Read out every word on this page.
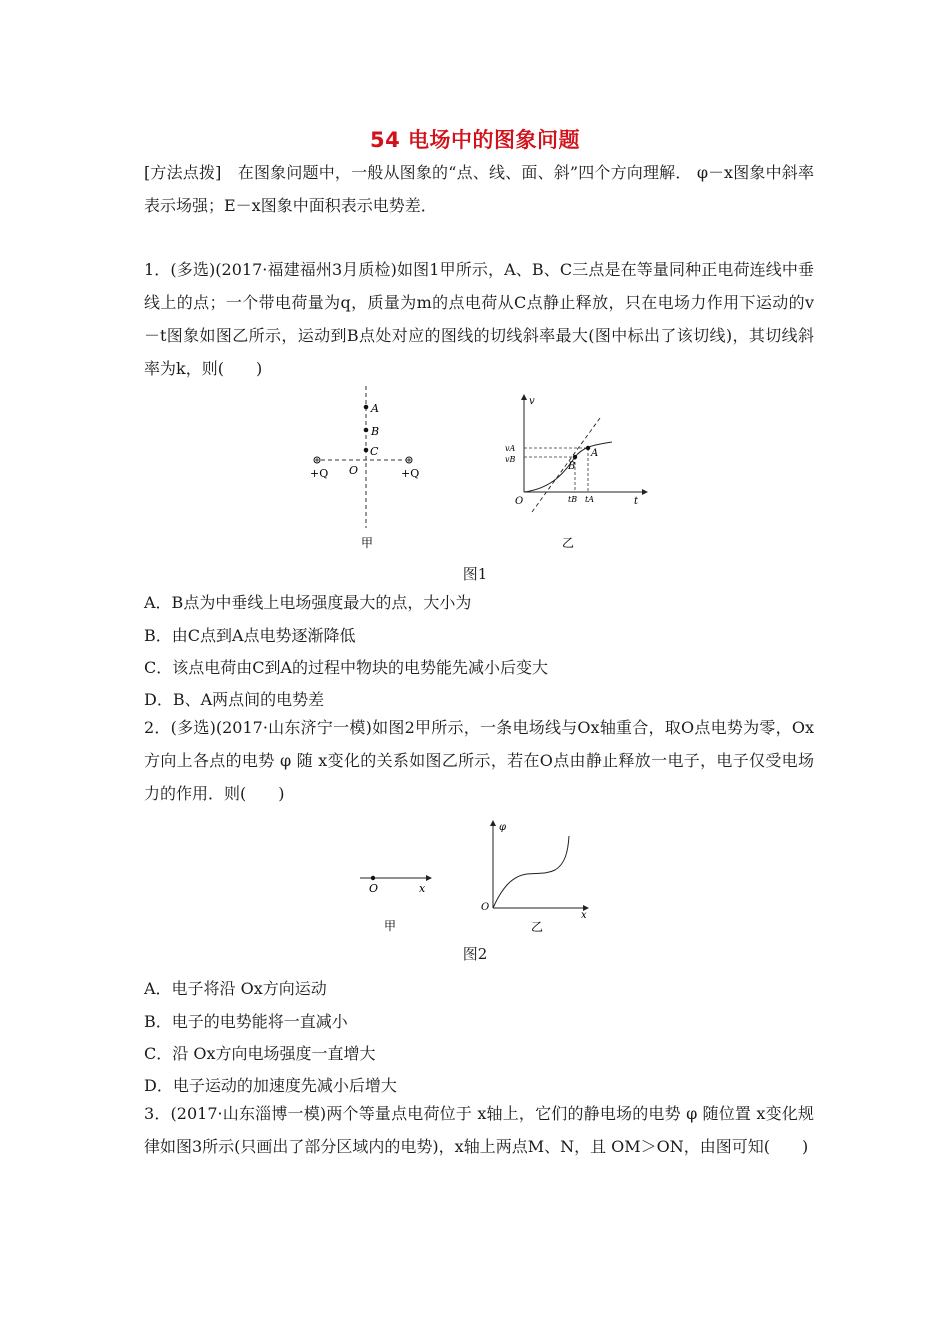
54 电场中的图象问题
[方法点拨]　在图象问题中，一般从图象的“点、线、面、斜”四个方向理解． φ－x图象中斜率表示场强；E－x图象中面积表示电势差．
1．(多选)(2017·福建福州3月质检)如图1甲所示，A、B、C三点是在等量同种正电荷连线中垂线上的点；一个带电荷量为q，质量为m的点电荷从C点静止释放，只在电场力作用下运动的v－t图象如图乙所示，运动到B点处对应的图线的切线斜率最大(图中标出了该切线)，其切线斜率为k，则(　　)
A
B
C
O
+Q	+Q
甲
v
t
O
B
A
vA
vB
tB tA
乙
图1
A．B点为中垂线上电场强度最大的点，大小为
B．由C点到A点电势逐渐降低
C．该点电荷由C到A的过程中物块的电势能先减小后变大
D．B、A两点间的电势差
2．(多选)(2017·山东济宁一模)如图2甲所示，一条电场线与Ox轴重合，取O点电势为零，Ox方向上各点的电势 φ 随 x变化的关系如图乙所示，若在O点由静止释放一电子，电子仅受电场力的作用．则(　　)
O	x
甲
φ
x
O
乙
图2
A．电子将沿 Ox方向运动
B．电子的电势能将一直减小
C．沿 Ox方向电场强度一直增大
D．电子运动的加速度先减小后增大
3．(2017·山东淄博一模)两个等量点电荷位于 x轴上，它们的静电场的电势 φ 随位置 x变化规律如图3所示(只画出了部分区域内的电势)，x轴上两点M、N，且 OM＞ON，由图可知(　　)
